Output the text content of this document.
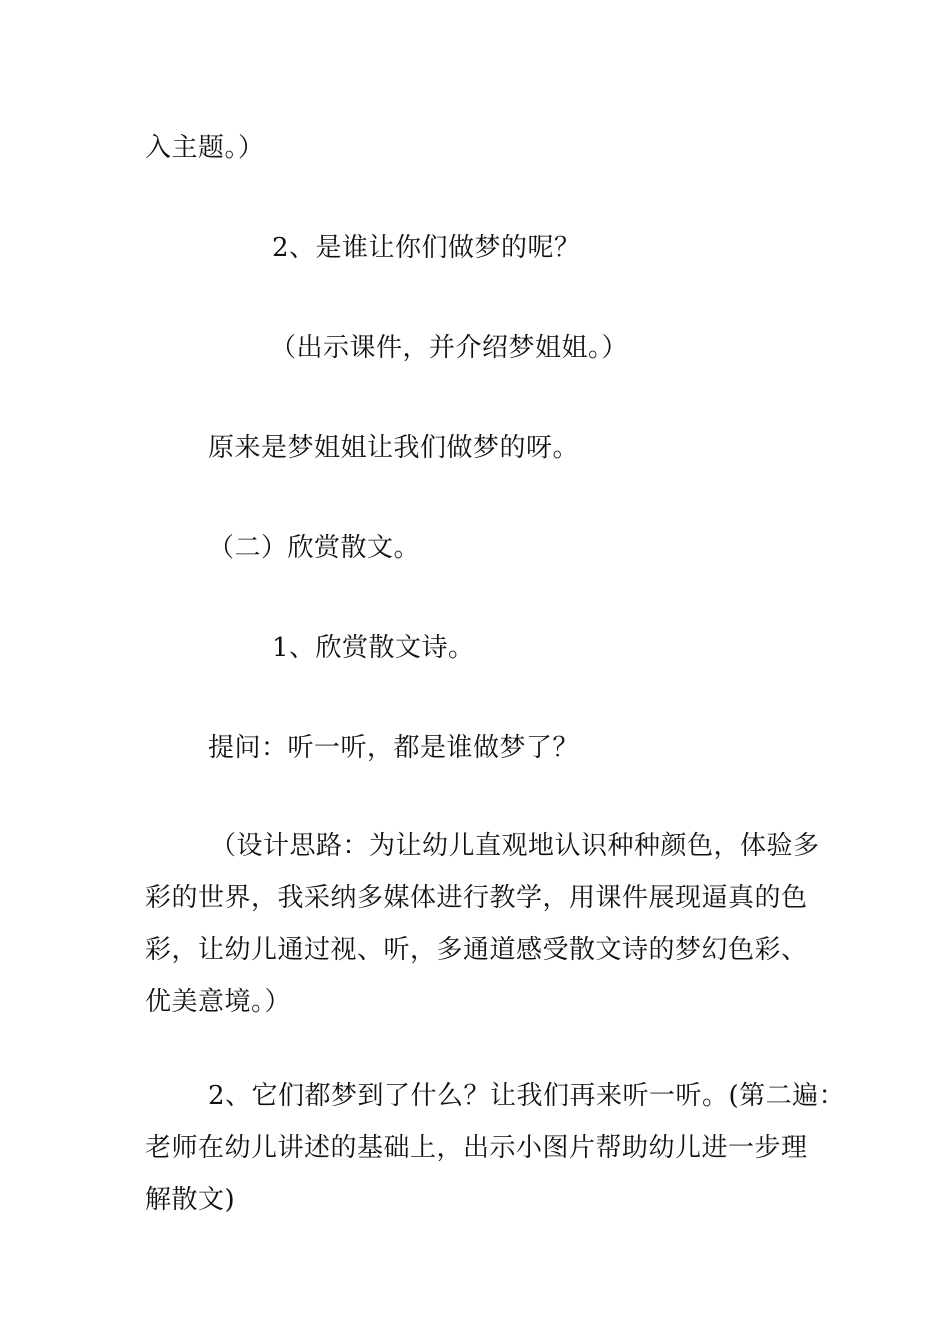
入主题。）
2、是谁让你们做梦的呢？
（出示课件，并介绍梦姐姐。）
原来是梦姐姐让我们做梦的呀。
（二）欣赏散文。
1、欣赏散文诗。
提问：听一听，都是谁做梦了？
（设计思路：为让幼儿直观地认识种种颜色，体验多
彩的世界，我采纳多媒体进行教学，用课件展现逼真的色
彩，让幼儿通过视、听，多通道感受散文诗的梦幻色彩、
优美意境。）
2、它们都梦到了什么？让我们再来听一听。(第二遍：
老师在幼儿讲述的基础上，出示小图片帮助幼儿进一步理
解散文)
